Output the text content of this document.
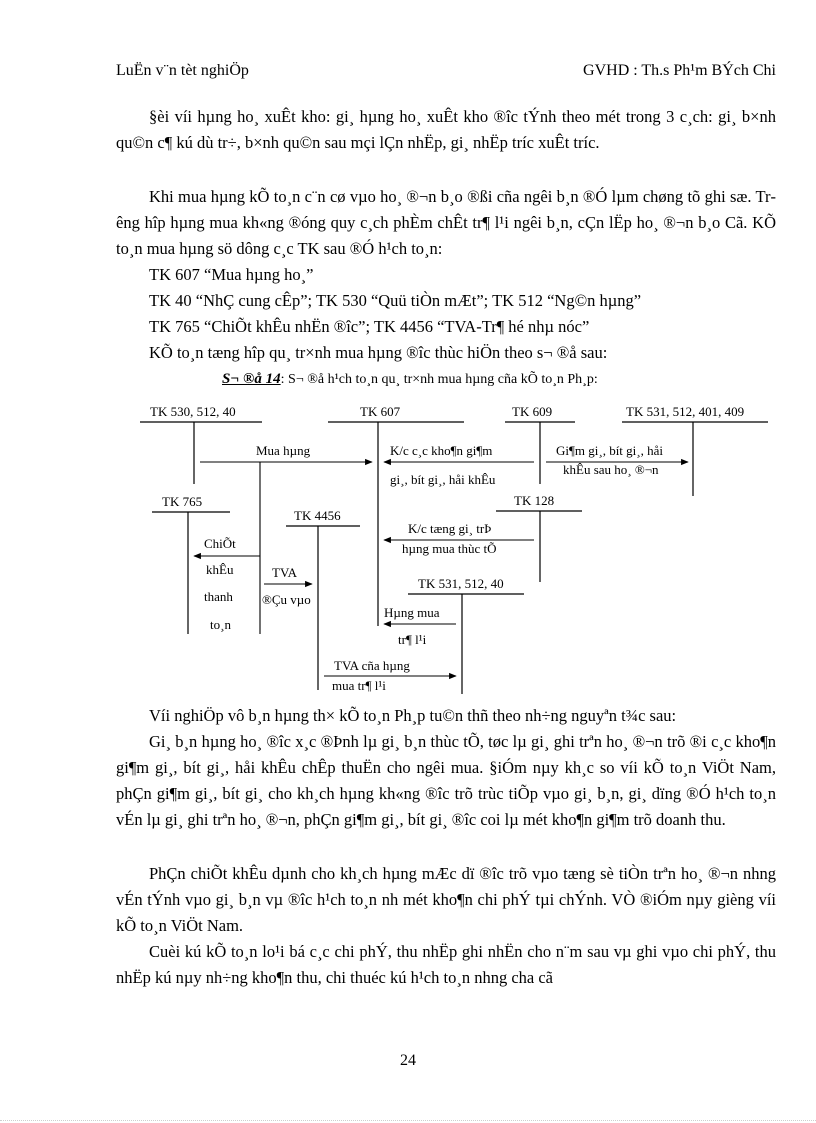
LuËn v¨n tèt nghiÖp	GVHD : Th.s Ph¹m BÝch Chi
§èi víi hµng ho¸ xuÊt kho: gi¸ hµng ho¸ xuÊt kho ®îc tÝnh theo mét trong 3 c¸ch: gi¸ b×nh qu©n c¶ kú dù tr÷, b×nh qu©n sau mçi lÇn nhËp, gi¸ nhËp tríc xuÊt tríc.
Khi mua hµng kÕ to¸n c¨n cø vµo ho¸ ®¬n b¸o ®ßi cña ngêi b¸n ®Ó lµm chøng tõ ghi sæ. Trêng hîp hµng mua kh«ng ®óng quy c¸ch phÈm chÊt tr¶ l¹i ngêi b¸n, cÇn lËp ho¸ ®¬n b¸o Cã. KÕ to¸n mua hµng sö dông c¸c TK sau ®Ó h¹ch to¸n:
TK 607 “Mua hµng ho¸”
TK 40 “NhÇ cung cÊp”; TK 530 “Quü tiÒn mÆt”; TK 512 “Ng©n hµng”
TK 765 “ChiÕt khÊu nhËn ®îc”; TK 4456 “TVA-Tr¶ hé nhµ nóc”
KÕ to¸n tæng hîp qu¸ tr×nh mua hµng ®îc thùc hiÖn theo s¬ ®å sau:
S¬ ®å 14: S¬ ®å h¹ch to¸n qu¸ tr×nh mua hµng cña kÕ to¸n Ph¸p:
TK 530, 512, 40	TK 607	TK 609	TK 531, 512, 401, 409
TK 765
TK 4456
TK 128
TK 531, 512, 40
Mua hµng	K/c c¸c kho¶n gi¶m
gi¸, bít gi¸, håi khÊu
Gi¶m gi¸, bít gi¸, håi
khÊu sau ho¸ ®¬n
ChiÕt
khÊu
thanh
to¸n
TVA
®Çu vµo
K/c tæng gi¸ trÞ
hµng mua thùc tÕ
Hµng mua
tr¶ l¹i
TVA cña hµng
mua tr¶ l¹i
Víi nghiÖp vô b¸n hµng th× kÕ to¸n Ph¸p tu©n thñ theo nh÷ng nguyªn t¾c sau:
Gi¸ b¸n hµng ho¸ ®îc x¸c ®Þnh lµ gi¸ b¸n thùc tÕ, tøc lµ gi¸ ghi trªn ho¸ ®¬n trõ ®i c¸c kho¶n gi¶m gi¸, bít gi¸, håi khÊu chÊp thuËn cho ngêi mua. §iÓm nµy kh¸c so víi kÕ to¸n ViÖt Nam, phÇn gi¶m gi¸, bít gi¸ cho kh¸ch hµng kh«ng ®îc trõ trùc tiÕp vµo gi¸ b¸n, gi¸ dïng ®Ó h¹ch to¸n vÉn lµ gi¸ ghi trªn ho¸ ®¬n, phÇn gi¶m gi¸, bít gi¸ ®îc coi lµ mét kho¶n gi¶m trõ doanh thu.
PhÇn chiÕt khÊu dµnh cho kh¸ch hµng mÆc dï ®îc trõ vµo tæng sè tiÒn trªn ho¸ ®¬n nhng vÉn tÝnh vµo gi¸ b¸n vµ ®îc h¹ch to¸n nh mét kho¶n chi phÝ tµi chÝnh. VÒ ®iÓm nµy gièng víi kÕ to¸n ViÖt Nam.
Cuèi kú kÕ to¸n lo¹i bá c¸c chi phÝ, thu nhËp ghi nhËn cho n¨m sau vµ ghi vµo chi phÝ, thu nhËp kú nµy nh÷ng kho¶n thu, chi thuéc kú h¹ch to¸n nhng cha cã
24
